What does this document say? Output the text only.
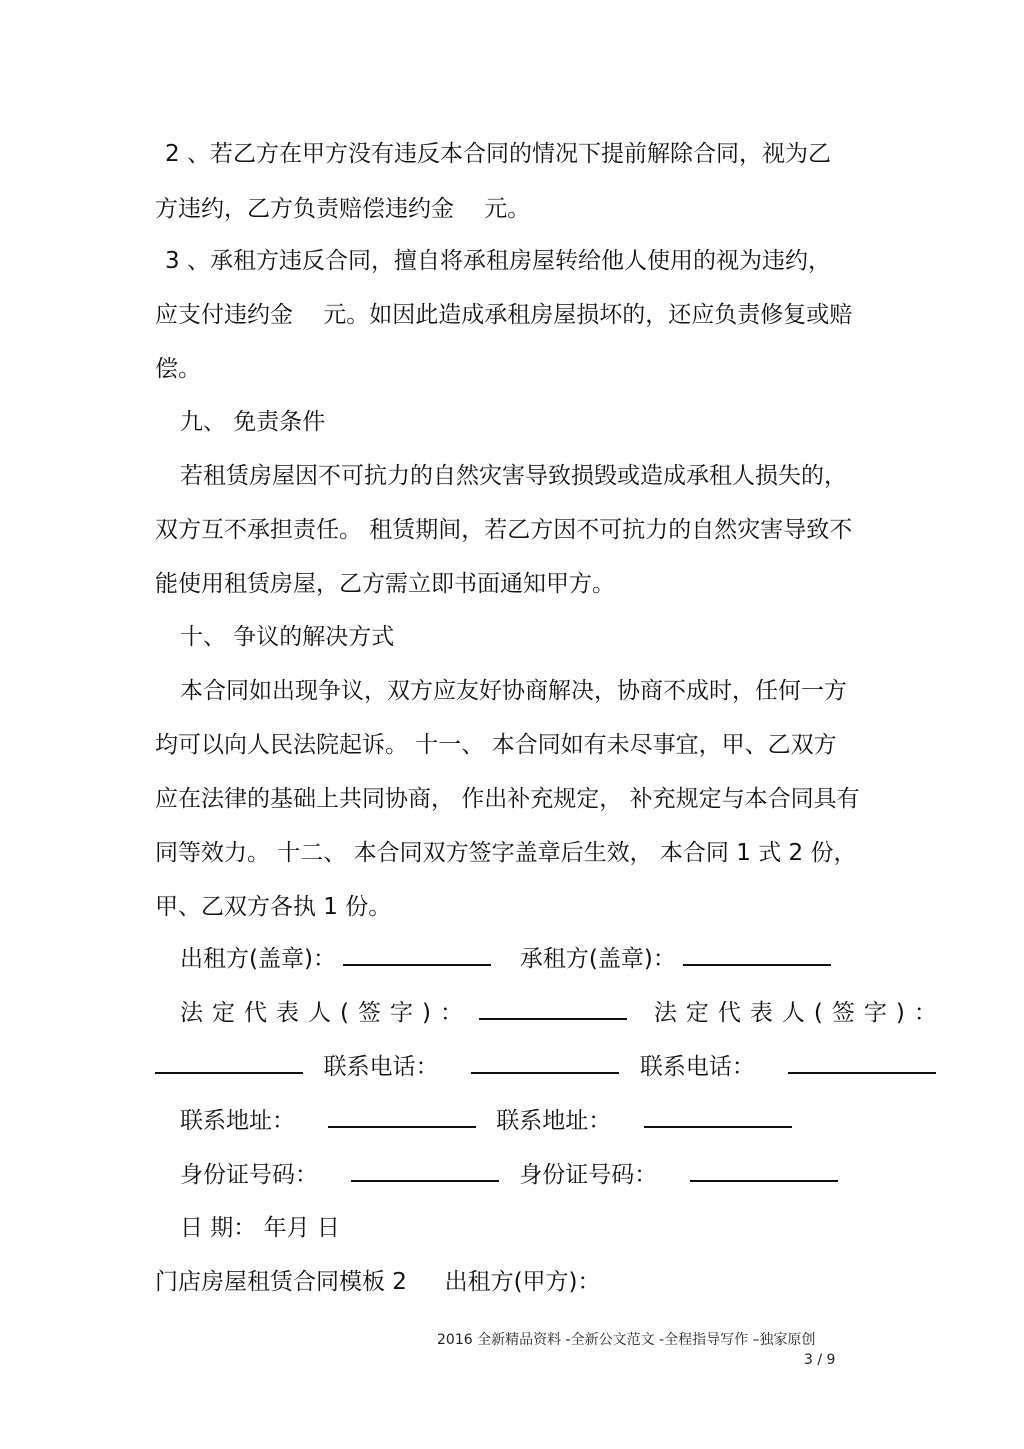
2 、若乙方在甲方没有违反本合同的情况下提前解除合同，视为乙
方违约，乙方负责赔偿违约金 　元。
3 、承租方违反合同，擅自将承租房屋转给他人使用的视为违约，
应支付违约金 　元。如因此造成承租房屋损坏的，还应负责修复或赔
偿。
九、 免责条件
若租赁房屋因不可抗力的自然灾害导致损毁或造成承租人损失的，
双方互不承担责任。 租赁期间，若乙方因不可抗力的自然灾害导致不
能使用租赁房屋，乙方需立即书面通知甲方。
十、 争议的解决方式
本合同如出现争议，双方应友好协商解决，协商不成时，任何一方
均可以向人民法院起诉。 十一、 本合同如有未尽事宜，甲、乙双方
应在法律的基础上共同协商， 作出补充规定， 补充规定与本合同具有
同等效力。 十二、 本合同双方签字盖章后生效， 本合同 1 式 2 份，
甲、乙双方各执 1 份。
出租方(盖章)：	承租方(盖章)：
法定代表人(签字)：	法定代表人(签字)：
联系电话：	联系电话：
联系地址：	联系地址：
身份证号码：	身份证号码：
日 期： 年月 日
门店房屋租赁合同模板 2 　 出租方(甲方)：
2016 全新精品资料 -全新公文范文 -全程指导写作 –独家原创
3 / 9
